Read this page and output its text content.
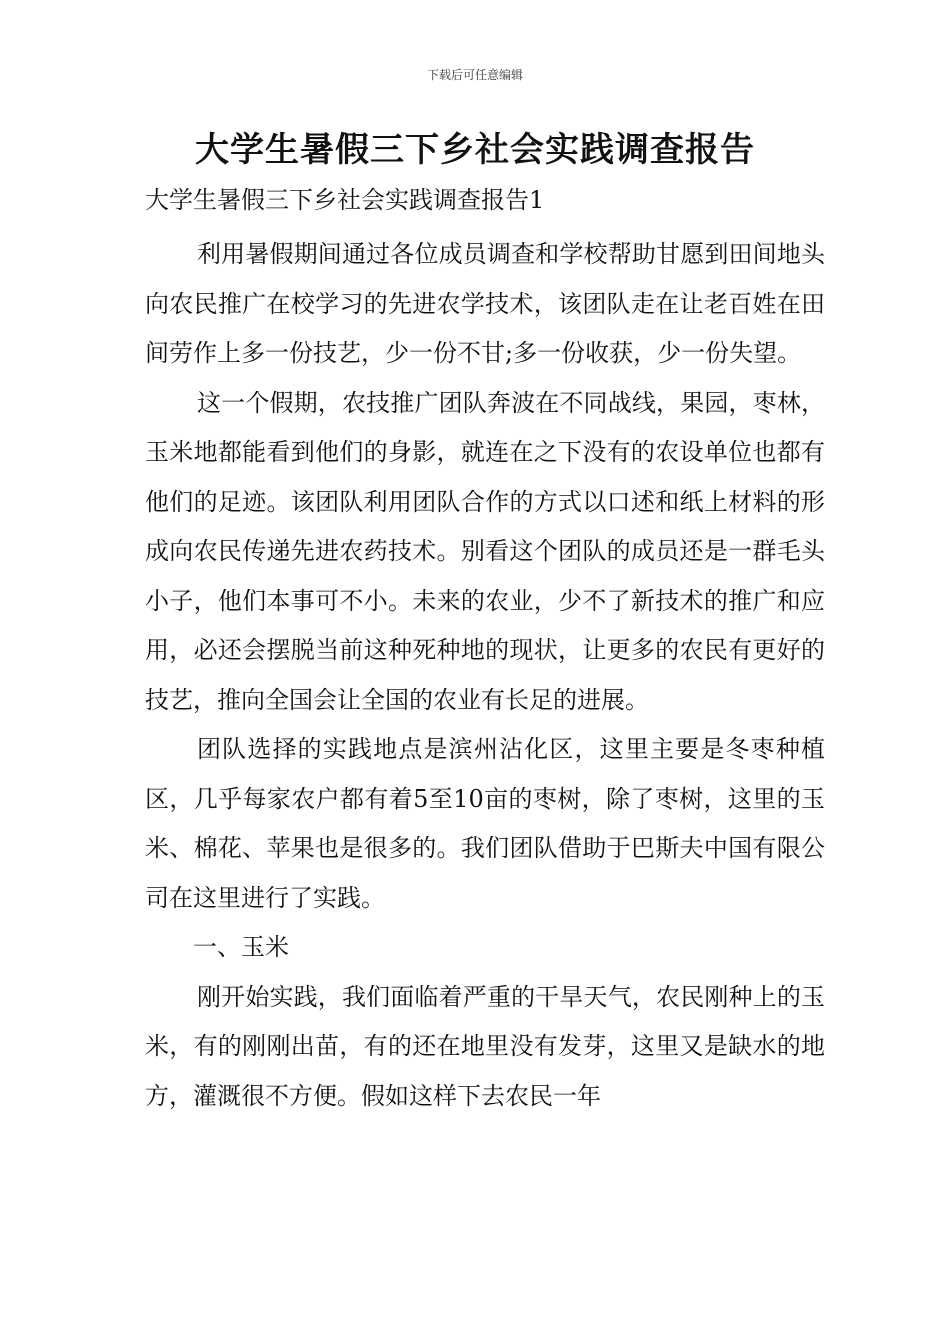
下载后可任意编辑
大学生暑假三下乡社会实践调查报告

大学生暑假三下乡社会实践调查报告1

利用暑假期间通过各位成员调查和学校帮助甘愿到田间地头向农民推广在校学习的先进农学技术，该团队走在让老百姓在田间劳作上多一份技艺，少一份不甘;多一份收获，少一份失望。

这一个假期，农技推广团队奔波在不同战线，果园，枣林，玉米地都能看到他们的身影，就连在之下没有的农设单位也都有他们的足迹。该团队利用团队合作的方式以口述和纸上材料的形成向农民传递先进农药技术。别看这个团队的成员还是一群毛头小子，他们本事可不小。未来的农业，少不了新技术的推广和应用，必还会摆脱当前这种死种地的现状，让更多的农民有更好的技艺，推向全国会让全国的农业有长足的进展。

团队选择的实践地点是滨州沾化区，这里主要是冬枣种植区，几乎每家农户都有着5至10亩的枣树，除了枣树，这里的玉米、棉花、苹果也是很多的。我们团队借助于巴斯夫中国有限公司在这里进行了实践。

一、玉米

刚开始实践，我们面临着严重的干旱天气，农民刚种上的玉米，有的刚刚出苗，有的还在地里没有发芽，这里又是缺水的地方，灌溉很不方便。假如这样下去农民一年
